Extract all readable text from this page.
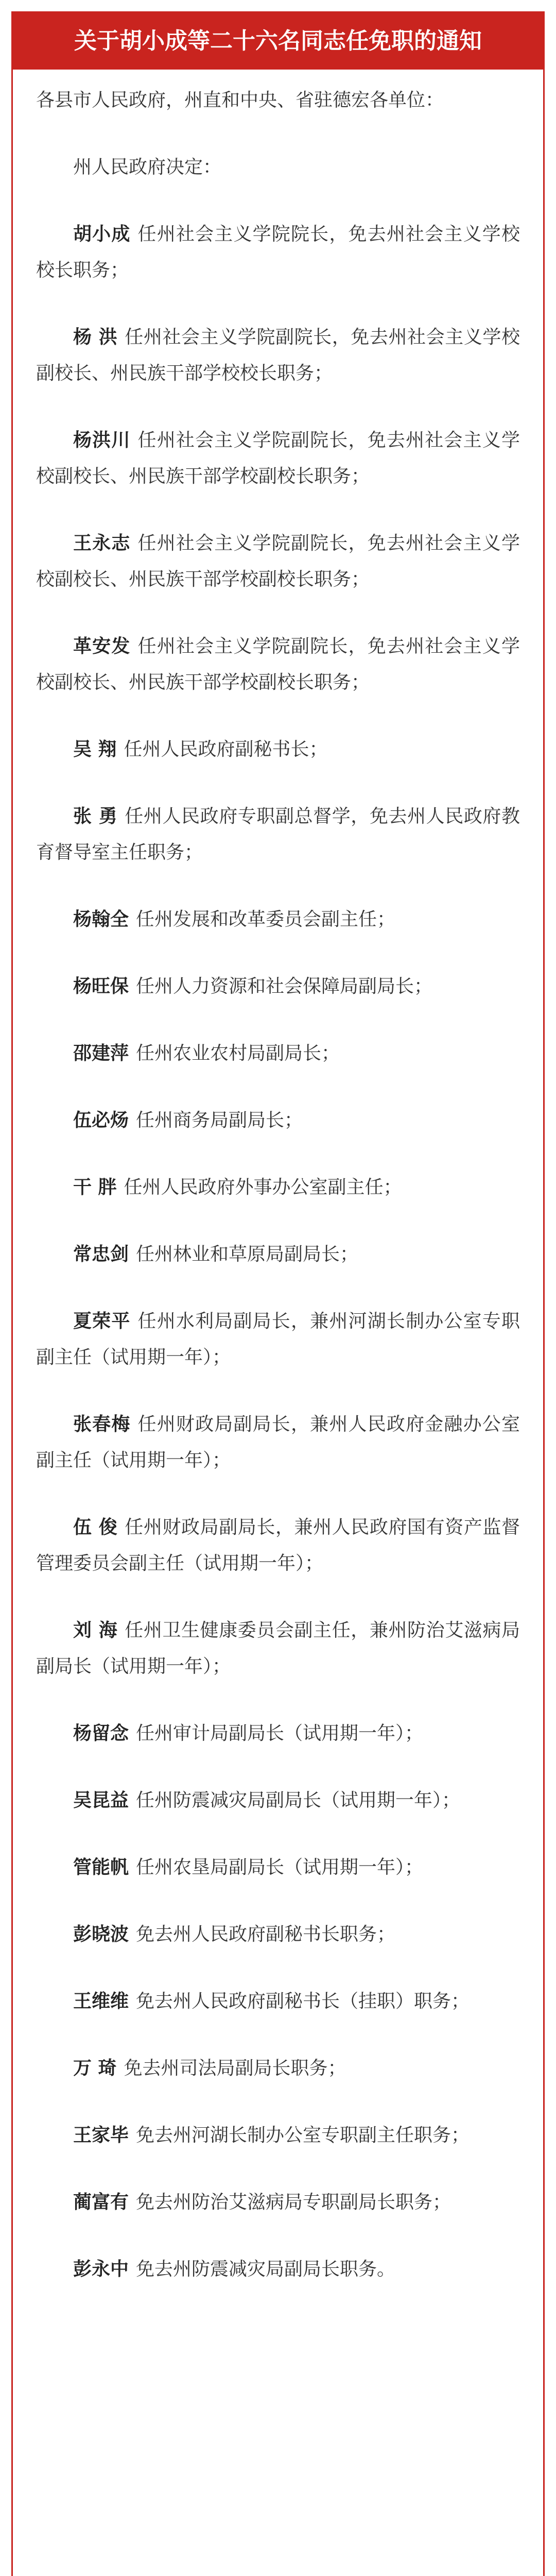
关于胡小成等二十六名同志任免职的通知

各县市人民政府，州直和中央、省驻德宏各单位：

州人民政府决定：

胡小成 任州社会主义学院院长，免去州社会主义学校校长职务；

杨 洪 任州社会主义学院副院长，免去州社会主义学校副校长、州民族干部学校校长职务；

杨洪川 任州社会主义学院副院长，免去州社会主义学校副校长、州民族干部学校副校长职务；

王永志 任州社会主义学院副院长，免去州社会主义学校副校长、州民族干部学校副校长职务；

革安发 任州社会主义学院副院长，免去州社会主义学校副校长、州民族干部学校副校长职务；

吴 翔 任州人民政府副秘书长；

张 勇 任州人民政府专职副总督学，免去州人民政府教育督导室主任职务；

杨翰全 任州发展和改革委员会副主任；

杨旺保 任州人力资源和社会保障局副局长；

邵建萍 任州农业农村局副局长；

伍必炀 任州商务局副局长；

干 胖 任州人民政府外事办公室副主任；

常忠剑 任州林业和草原局副局长；

夏荣平 任州水利局副局长，兼州河湖长制办公室专职副主任（试用期一年）；

张春梅 任州财政局副局长，兼州人民政府金融办公室副主任（试用期一年）；

伍 俊 任州财政局副局长，兼州人民政府国有资产监督管理委员会副主任（试用期一年）；

刘 海 任州卫生健康委员会副主任，兼州防治艾滋病局副局长（试用期一年）；

杨留念 任州审计局副局长（试用期一年）；

吴昆益 任州防震减灾局副局长（试用期一年）；

管能帆 任州农垦局副局长（试用期一年）；

彭晓波 免去州人民政府副秘书长职务；

王维维 免去州人民政府副秘书长（挂职）职务；

万 琦 免去州司法局副局长职务；

王家毕 免去州河湖长制办公室专职副主任职务；

蔺富有 免去州防治艾滋病局专职副局长职务；

彭永中 免去州防震减灾局副局长职务。
